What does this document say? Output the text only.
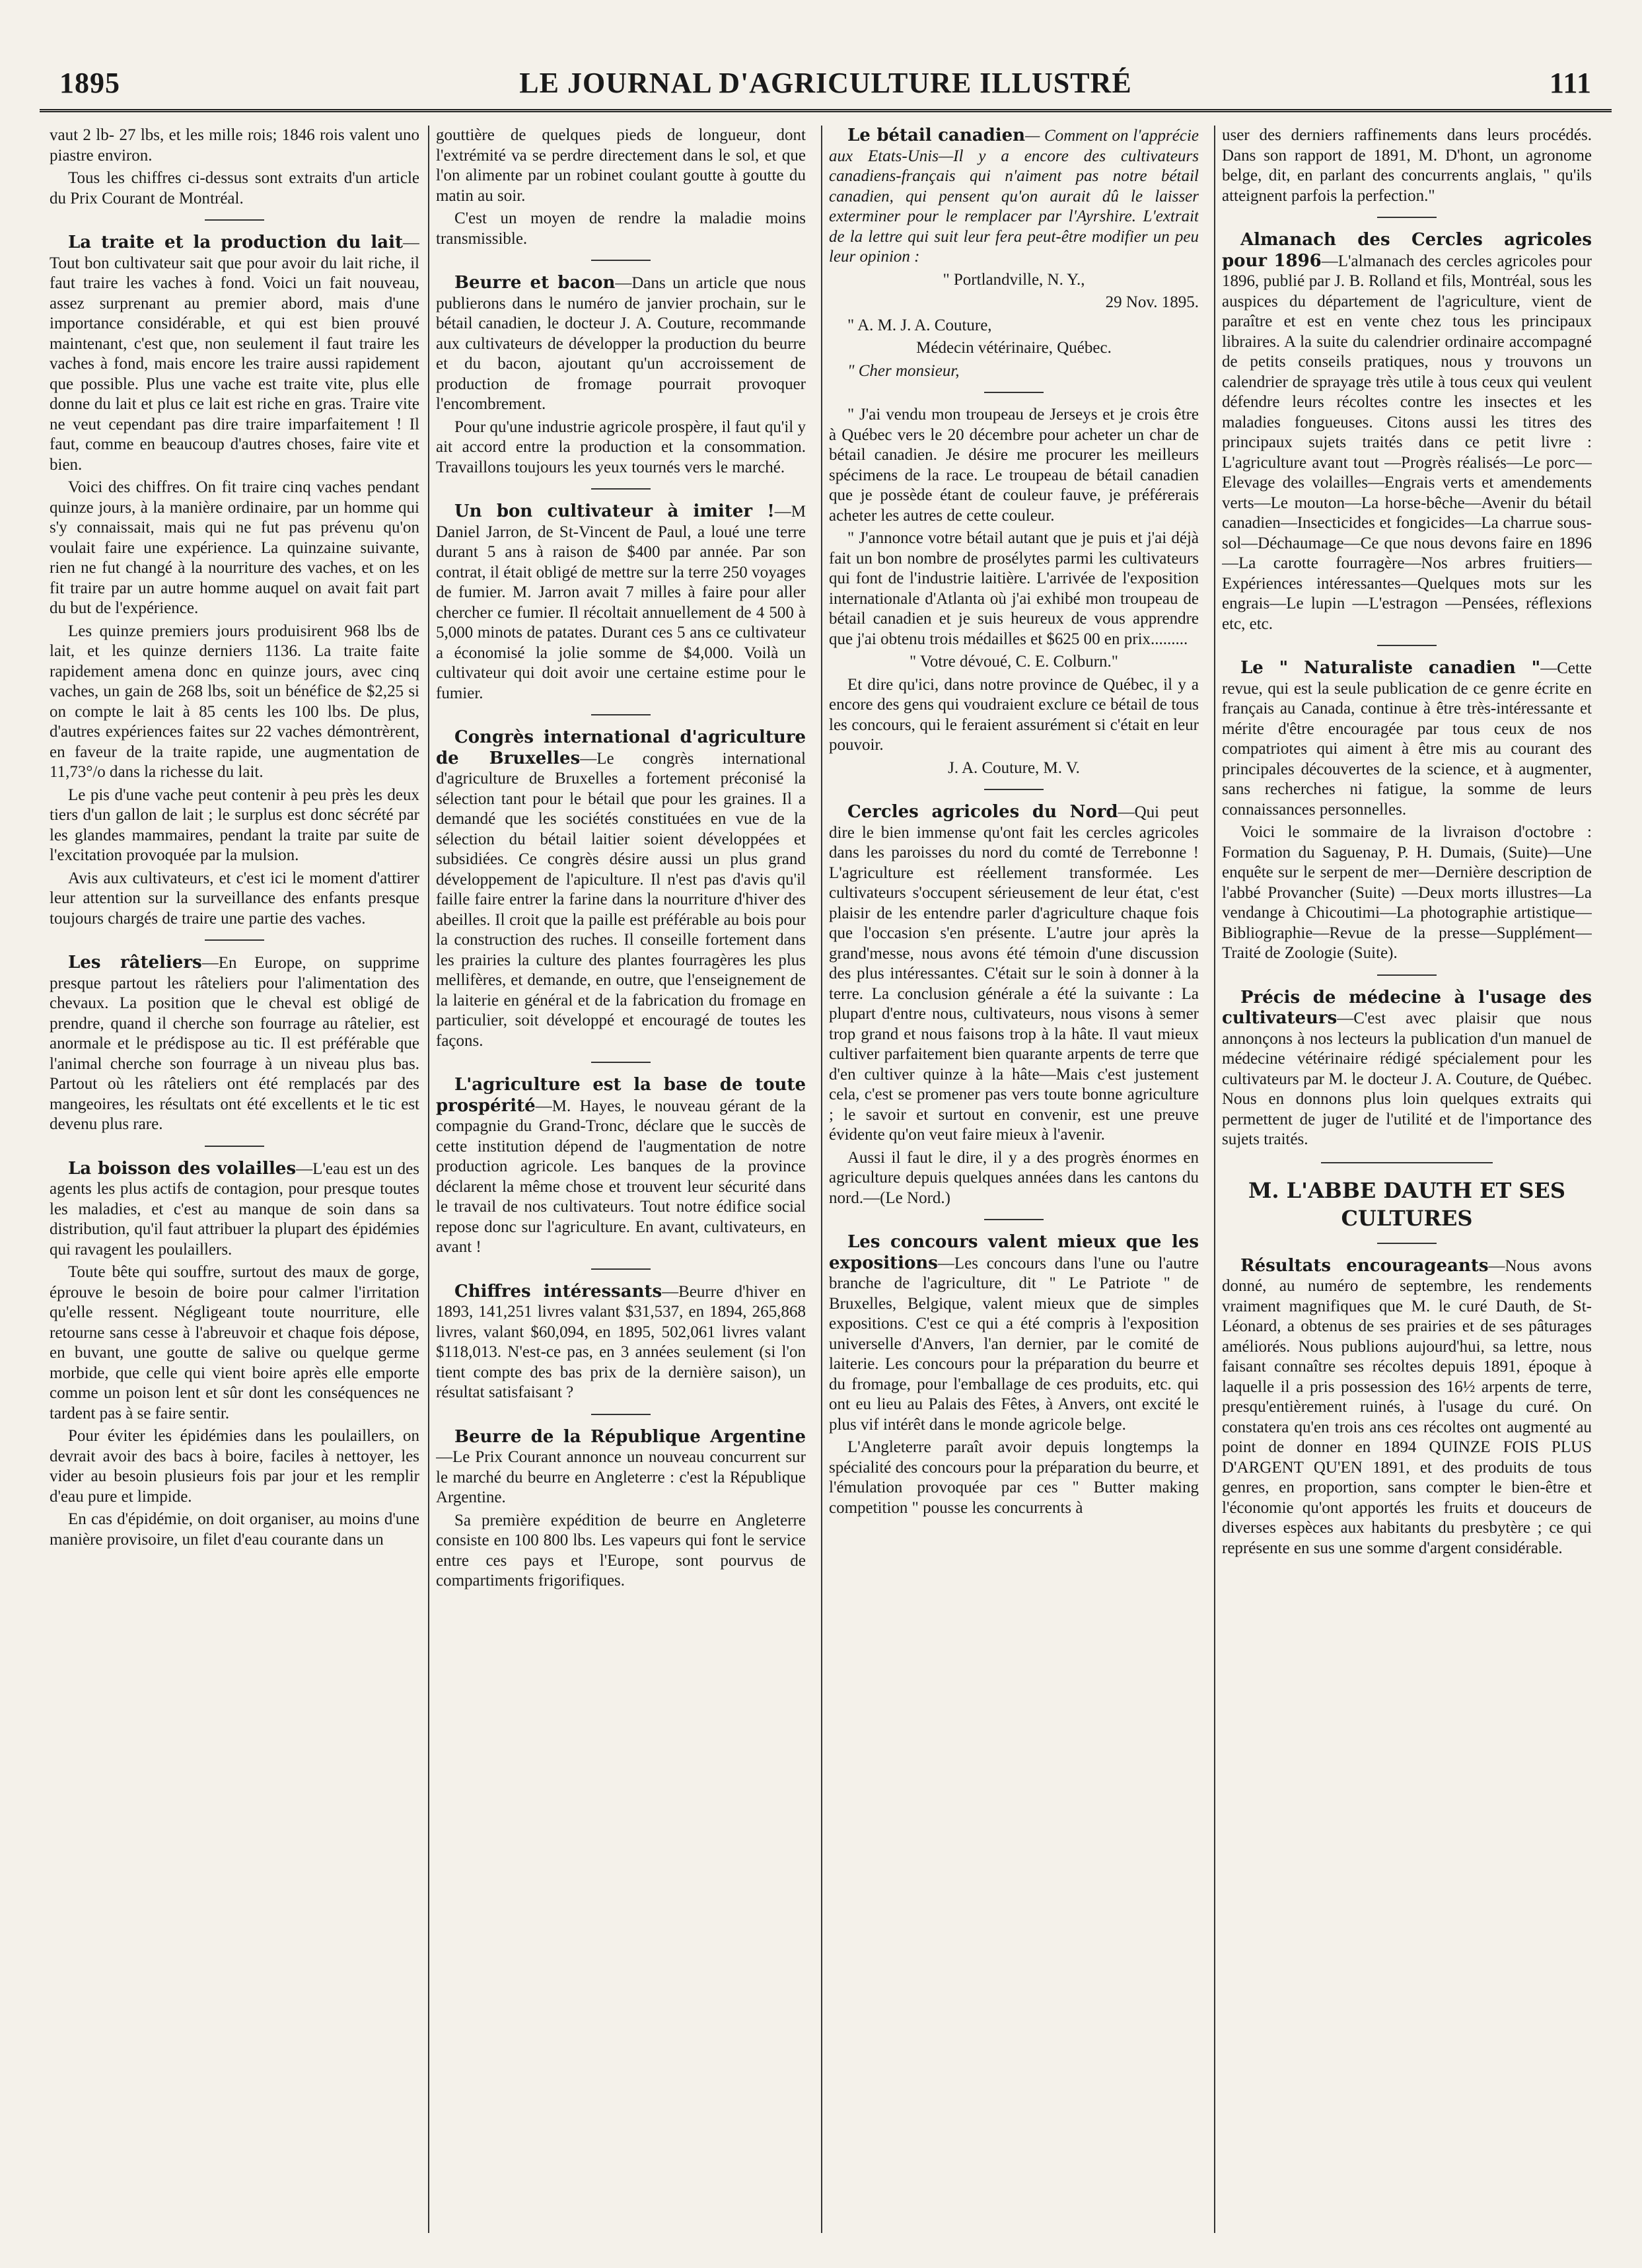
LE JOURNAL D'AGRICULTURE ILLUSTRÉ
1895	111

vaut 2 lb- 27 lbs, et les mille rois; 1846 rois valent uno piastre environ.

Tous les chiffres ci-dessus sont extraits d'un article du Prix Courant de Montréal.

La traite et la production du lait—Tout bon cultivateur sait que pour avoir du lait riche, il faut traire les vaches à fond. Voici un fait nouveau, assez surprenant au premier abord, mais d'une importance considérable, et qui est bien prouvé maintenant, c'est que, non seulement il faut traire les vaches à fond, mais encore les traire aussi rapidement que possible. Plus une vache est traite vite, plus elle donne du lait et plus ce lait est riche en gras. Traire vite ne veut cependant pas dire traire imparfaitement ! Il faut, comme en beaucoup d'autres choses, faire vite et bien.

Voici des chiffres. On fit traire cinq vaches pendant quinze jours, à la manière ordinaire, par un homme qui s'y connaissait, mais qui ne fut pas prévenu qu'on voulait faire une expérience. La quinzaine suivante, rien ne fut changé à la nourriture des vaches, et on les fit traire par un autre homme auquel on avait fait part du but de l'expérience.

Les quinze premiers jours produisirent 968 lbs de lait, et les quinze derniers 1136. La traite faite rapidement amena donc en quinze jours, avec cinq vaches, un gain de 268 lbs, soit un bénéfice de $2,25 si on compte le lait à 85 cents les 100 lbs. De plus, d'autres expériences faites sur 22 vaches démontrèrent, en faveur de la traite rapide, une augmentation de 11,73°/o dans la richesse du lait.

Le pis d'une vache peut contenir à peu près les deux tiers d'un gallon de lait ; le surplus est donc sécrété par les glandes mammaires, pendant la traite par suite de l'excitation provoquée par la mulsion.

Avis aux cultivateurs, et c'est ici le moment d'attirer leur attention sur la surveillance des enfants presque toujours chargés de traire une partie des vaches.

Les râteliers—En Europe, on supprime presque partout les râteliers pour l'alimentation des chevaux. La position que le cheval est obligé de prendre, quand il cherche son fourrage au râtelier, est anormale et le prédispose au tic. Il est préférable que l'animal cherche son fourrage à un niveau plus bas. Partout où les râteliers ont été remplacés par des mangeoires, les résultats ont été excellents et le tic est devenu plus rare.

La boisson des volailles—L'eau est un des agents les plus actifs de contagion, pour presque toutes les maladies, et c'est au manque de soin dans sa distribution, qu'il faut attribuer la plupart des épidémies qui ravagent les poulaillers.

Toute bête qui souffre, surtout des maux de gorge, éprouve le besoin de boire pour calmer l'irritation qu'elle ressent. Négligeant toute nourriture, elle retourne sans cesse à l'abreuvoir et chaque fois dépose, en buvant, une goutte de salive ou quelque germe morbide, que celle qui vient boire après elle emporte comme un poison lent et sûr dont les conséquences ne tardent pas à se faire sentir.

Pour éviter les épidémies dans les poulaillers, on devrait avoir des bacs à boire, faciles à nettoyer, les vider au besoin plusieurs fois par jour et les remplir d'eau pure et limpide.

En cas d'épidémie, on doit organiser, au moins d'une manière provisoire, un filet d'eau courante dans un

gouttière de quelques pieds de longueur, dont l'extrémité va se perdre directement dans le sol, et que l'on alimente par un robinet coulant goutte à goutte du matin au soir.

C'est un moyen de rendre la maladie moins transmissible.

Beurre et bacon—Dans un article que nous publierons dans le numéro de janvier prochain, sur le bétail canadien, le docteur J. A. Couture, recommande aux cultivateurs de développer la production du beurre et du bacon, ajoutant qu'un accroissement de production de fromage pourrait provoquer l'encombrement.

Pour qu'une industrie agricole prospère, il faut qu'il y ait accord entre la production et la consommation. Travaillons toujours les yeux tournés vers le marché.

Un bon cultivateur à imiter !—M Daniel Jarron, de St-Vincent de Paul, a loué une terre durant 5 ans à raison de $400 par année. Par son contrat, il était obligé de mettre sur la terre 250 voyages de fumier. M. Jarron avait 7 milles à faire pour aller chercher ce fumier. Il récoltait annuellement de 4 500 à 5,000 minots de patates. Durant ces 5 ans ce cultivateur a économisé la jolie somme de $4,000. Voilà un cultivateur qui doit avoir une certaine estime pour le fumier.

Congrès international d'agriculture de Bruxelles—Le congrès international d'agriculture de Bruxelles a fortement préconisé la sélection tant pour le bétail que pour les graines. Il a demandé que les sociétés constituées en vue de la sélection du bétail laitier soient développées et subsidiées. Ce congrès désire aussi un plus grand développement de l'apiculture. Il n'est pas d'avis qu'il faille faire entrer la farine dans la nourriture d'hiver des abeilles. Il croit que la paille est préférable au bois pour la construction des ruches. Il conseille fortement dans les prairies la culture des plantes fourragères les plus mellifères, et demande, en outre, que l'enseignement de la laiterie en général et de la fabrication du fromage en particulier, soit développé et encouragé de toutes les façons.

L'agriculture est la base de toute prospérité—M. Hayes, le nouveau gérant de la compagnie du Grand-Tronc, déclare que le succès de cette institution dépend de l'augmentation de notre production agricole. Les banques de la province déclarent la même chose et trouvent leur sécurité dans le travail de nos cultivateurs. Tout notre édifice social repose donc sur l'agriculture. En avant, cultivateurs, en avant !

Chiffres intéressants—Beurre d'hiver en 1893, 141,251 livres valant $31,537, en 1894, 265,868 livres, valant $60,094, en 1895, 502,061 livres valant $118,013. N'est-ce pas, en 3 années seulement (si l'on tient compte des bas prix de la dernière saison), un résultat satisfaisant ?

Beurre de la République Argentine—Le Prix Courant annonce un nouveau concurrent sur le marché du beurre en Angleterre : c'est la République Argentine.

Sa première expédition de beurre en Angleterre consiste en 100 800 lbs. Les vapeurs qui font le service entre ces pays et l'Europe, sont pourvus de compartiments frigorifiques.

Le bétail canadien— Comment on l'apprécie aux Etats-Unis—Il y a encore des cultivateurs canadiens-français qui n'aiment pas notre bétail canadien, qui pensent qu'on aurait dû le laisser exterminer pour le remplacer par l'Ayrshire. L'extrait de la lettre qui suit leur fera peut-être modifier un peu leur opinion :

" Portlandville, N. Y.,

29 Nov. 1895.

" A. M. J. A. Couture,

Médecin vétérinaire, Québec.

" Cher monsieur,

" J'ai vendu mon troupeau de Jerseys et je crois être à Québec vers le 20 décembre pour acheter un char de bétail canadien. Je désire me procurer les meilleurs spécimens de la race. Le troupeau de bétail canadien que je possède étant de couleur fauve, je préférerais acheter les autres de cette couleur.

" J'annonce votre bétail autant que je puis et j'ai déjà fait un bon nombre de prosélytes parmi les cultivateurs qui font de l'industrie laitière. L'arrivée de l'exposition internationale d'Atlanta où j'ai exhibé mon troupeau de bétail canadien et je suis heureux de vous apprendre que j'ai obtenu trois médailles et $625 00 en prix.........

" Votre dévoué, C. E. Colburn."

Et dire qu'ici, dans notre province de Québec, il y a encore des gens qui voudraient exclure ce bétail de tous les concours, qui le feraient assurément si c'était en leur pouvoir.

J. A. Couture, M. V.

Cercles agricoles du Nord—Qui peut dire le bien immense qu'ont fait les cercles agricoles dans les paroisses du nord du comté de Terrebonne ! L'agriculture est réellement transformée. Les cultivateurs s'occupent sérieusement de leur état, c'est plaisir de les entendre parler d'agriculture chaque fois que l'occasion s'en présente. L'autre jour après la grand'messe, nous avons été témoin d'une discussion des plus intéressantes. C'était sur le soin à donner à la terre. La conclusion générale a été la suivante : La plupart d'entre nous, cultivateurs, nous visons à semer trop grand et nous faisons trop à la hâte. Il vaut mieux cultiver parfaitement bien quarante arpents de terre que d'en cultiver quinze à la hâte—Mais c'est justement cela, c'est se promener pas vers toute bonne agriculture ; le savoir et surtout en convenir, est une preuve évidente qu'on veut faire mieux à l'avenir.

Aussi il faut le dire, il y a des progrès énormes en agriculture depuis quelques années dans les cantons du nord.—(Le Nord.)

Les concours valent mieux que les expositions—Les concours dans l'une ou l'autre branche de l'agriculture, dit " Le Patriote " de Bruxelles, Belgique, valent mieux que de simples expositions. C'est ce qui a été compris à l'exposition universelle d'Anvers, l'an dernier, par le comité de laiterie. Les concours pour la préparation du beurre et du fromage, pour l'emballage de ces produits, etc. qui ont eu lieu au Palais des Fêtes, à Anvers, ont excité le plus vif intérêt dans le monde agricole belge.

L'Angleterre paraît avoir depuis longtemps la spécialité des concours pour la préparation du beurre, et l'émulation provoquée par ces " Butter making competition " pousse les concurrents à

user des derniers raffinements dans leurs procédés. Dans son rapport de 1891, M. D'hont, un agronome belge, dit, en parlant des concurrents anglais, " qu'ils atteignent parfois la perfection."

Almanach des Cercles agricoles pour 1896—L'almanach des cercles agricoles pour 1896, publié par J. B. Rolland et fils, Montréal, sous les auspices du département de l'agriculture, vient de paraître et est en vente chez tous les principaux libraires. A la suite du calendrier ordinaire accompagné de petits conseils pratiques, nous y trouvons un calendrier de sprayage très utile à tous ceux qui veulent défendre leurs récoltes contre les insectes et les maladies fongueuses. Citons aussi les titres des principaux sujets traités dans ce petit livre : L'agriculture avant tout —Progrès réalisés—Le porc—Elevage des volailles—Engrais verts et amendements verts—Le mouton—La horse-bêche—Avenir du bétail canadien—Insecticides et fongicides—La charrue sous-sol—Déchaumage—Ce que nous devons faire en 1896—La carotte fourragère—Nos arbres fruitiers—Expériences intéressantes—Quelques mots sur les engrais—Le lupin —L'estragon —Pensées, réflexions etc, etc.

Le " Naturaliste canadien "—Cette revue, qui est la seule publication de ce genre écrite en français au Canada, continue à être très-intéressante et mérite d'être encouragée par tous ceux de nos compatriotes qui aiment à être mis au courant des principales découvertes de la science, et à augmenter, sans recherches ni fatigue, la somme de leurs connaissances personnelles.

Voici le sommaire de la livraison d'octobre : Formation du Saguenay, P. H. Dumais, (Suite)—Une enquête sur le serpent de mer—Dernière description de l'abbé Provancher (Suite) —Deux morts illustres—La vendange à Chicoutimi—La photographie artistique—Bibliographie—Revue de la presse—Supplément—Traité de Zoologie (Suite).

Précis de médecine à l'usage des cultivateurs—C'est avec plaisir que nous annonçons à nos lecteurs la publication d'un manuel de médecine vétérinaire rédigé spécialement pour les cultivateurs par M. le docteur J. A. Couture, de Québec. Nous en donnons plus loin quelques extraits qui permettent de juger de l'utilité et de l'importance des sujets traités.

M. L'ABBE DAUTH ET SES CULTURES

Résultats encourageants—Nous avons donné, au numéro de septembre, les rendements vraiment magnifiques que M. le curé Dauth, de St-Léonard, a obtenus de ses prairies et de ses pâturages améliorés. Nous publions aujourd'hui, sa lettre, nous faisant connaître ses récoltes depuis 1891, époque à laquelle il a pris possession des 16½ arpents de terre, presqu'entièrement ruinés, à l'usage du curé. On constatera qu'en trois ans ces récoltes ont augmenté au point de donner en 1894 QUINZE FOIS PLUS D'ARGENT QU'EN 1891, et des produits de tous genres, en proportion, sans compter le bien-être et l'économie qu'ont apportés les fruits et douceurs de diverses espèces aux habitants du presbytère ; ce qui représente en sus une somme d'argent considérable.
